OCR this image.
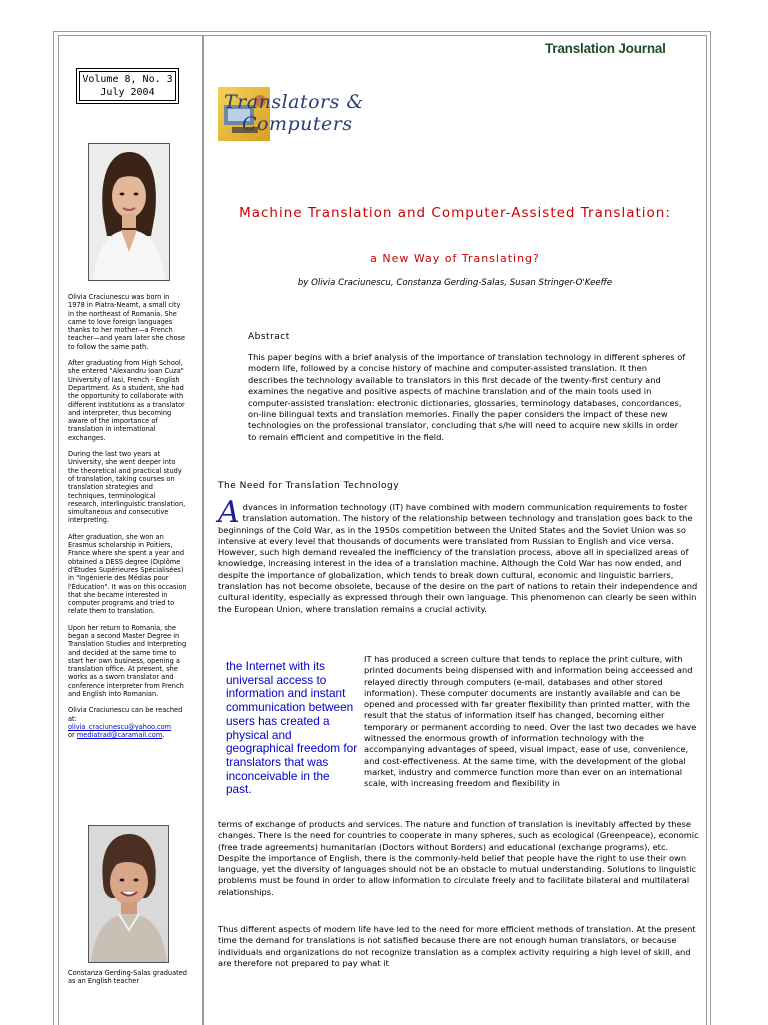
Volume 8, No. 3
July 2004

Olivia Craciunescu was born in 1978 in Piatra-Neamt, a small city in the northeast of Romania. She came to love foreign languages thanks to her mother—a French teacher—and years later she chose to follow the same path.

After graduating from High School, she entered "Alexandru Ioan Cuza" University of Iasi, French - English Department. As a student, she had the opportunity to collaborate with different institutions as a translator and interpreter, thus becoming aware of the importance of translation in international exchanges.

During the last two years at University, she went deeper into the theoretical and practical study of translation, taking courses on translation strategies and techniques, terminological research, interlinguistic translation, simultaneous and consecutive interpreting.

After graduation, she won an Erasmus scholarship in Poitiers, France where she spent a year and obtained a DESS degree (Diplôme d'Études Supérieures Spécialisées) in "Ingénierie des Médias pour l'Éducation". It was on this occasion that she became interested in computer programs and tried to relate them to translation.

Upon her return to Romania, she began a second Master Degree in Translation Studies and Interpreting and decided at the same time to start her own business, opening a translation office. At present, she works as a sworn translator and conference interpreter from French and English into Romanian.

Olivia Craciunescu can be reached at:
olivia_craciunescu@yahoo.com
or mediatrad@caramail.com.

Constanza Gerding-Salas graduated as an English teacher
Translation Journal
Translators &
Computers
Machine Translation and Computer-Assisted Translation:
a New Way of Translating?
by Olivia Craciunescu, Constanza Gerding-Salas, Susan Stringer-O'Keeffe
Abstract
This paper begins with a brief analysis of the importance of translation technology in different spheres of modern life, followed by a concise history of machine and computer-assisted translation. It then describes the technology available to translators in this first decade of the twenty-first century and examines the negative and positive aspects of machine translation and of the main tools used in computer-assisted translation: electronic dictionaries, glossaries, terminology databases, concordances, on-line bilingual texts and translation memories. Finally the paper considers the impact of these new technologies on the professional translator, concluding that s/he will need to acquire new skills in order to remain efficient and competitive in the field.
The Need for Translation Technology
Advances in information technology (IT) have combined with modern communication requirements to foster translation automation. The history of the relationship between technology and translation goes back to the beginnings of the Cold War, as in the 1950s competition between the United States and the Soviet Union was so intensive at every level that thousands of documents were translated from Russian to English and vice versa. However, such high demand revealed the inefficiency of the translation process, above all in specialized areas of knowledge, increasing interest in the idea of a translation machine. Although the Cold War has now ended, and despite the importance of globalization, which tends to break down cultural, economic and linguistic barriers, translation has not become obsolete, because of the desire on the part of nations to retain their independence and cultural identity, especially as expressed through their own language. This phenomenon can clearly be seen within the European Union, where translation remains a crucial activity.
the Internet with its universal access to information and instant communication between users has created a physical and geographical freedom for translators that was inconceivable in the past.
IT has produced a screen culture that tends to replace the print culture, with printed documents being dispensed with and information being acceessed and relayed directly through computers (e-mail, databases and other stored information). These computer documents are instantly available and can be opened and processed with far greater flexibility than printed matter, with the result that the status of information itself has changed, becoming either temporary or permanent according to need. Over the last two decades we have witnessed the enormous growth of information technology with the accompanying advantages of speed, visual impact, ease of use, convenience, and cost-effectiveness. At the same time, with the development of the global market, industry and commerce function more than ever on an international scale, with increasing freedom and flexibility in
terms of exchange of products and services. The nature and function of translation is inevitably affected by these changes. There is the need for countries to cooperate in many spheres, such as ecological (Greenpeace), economic (free trade agreements) humanitarian (Doctors without Borders) and educational (exchange programs), etc. Despite the importance of English, there is the commonly-held belief that people have the right to use their own language, yet the diversity of languages should not be an obstacle to mutual understanding. Solutions to linguistic problems must be found in order to allow information to circulate freely and to facilitate bilateral and multilateral relationships.
Thus different aspects of modern life have led to the need for more efficient methods of translation. At the present time the demand for translations is not satisfied because there are not enough human translators, or because individuals and organizations do not recognize translation as a complex activity requiring a high level of skill, and are therefore not prepared to pay what it
